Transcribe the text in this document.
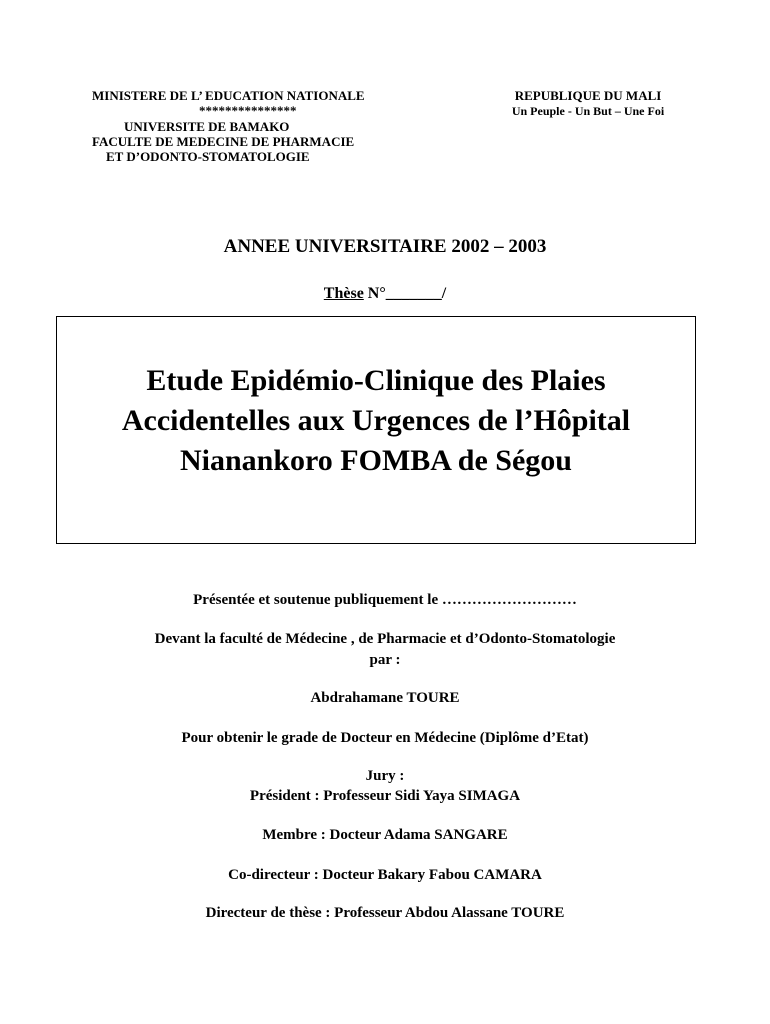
MINISTERE DE L’ EDUCATION NATIONALE
***************
UNIVERSITE DE BAMAKO
FACULTE DE MEDECINE DE PHARMACIE
ET D’ODONTO-STOMATOLOGIE
REPUBLIQUE DU MALI
Un Peuple - Un But – Une Foi
ANNEE UNIVERSITAIRE 2002 – 2003
Thèse N°_______/
Etude Epidémio-Clinique des Plaies
Accidentelles aux Urgences de l’Hôpital
Nianankoro FOMBA de Ségou
Présentée et soutenue publiquement le ………………………
Devant la faculté de Médecine , de Pharmacie et d’Odonto-Stomatologie
par :
Abdrahamane TOURE
Pour obtenir le grade de Docteur en Médecine (Diplôme d’Etat)
Jury :
Président : Professeur Sidi Yaya SIMAGA
Membre : Docteur Adama SANGARE
Co-directeur : Docteur Bakary Fabou CAMARA
Directeur de thèse : Professeur Abdou Alassane TOURE
